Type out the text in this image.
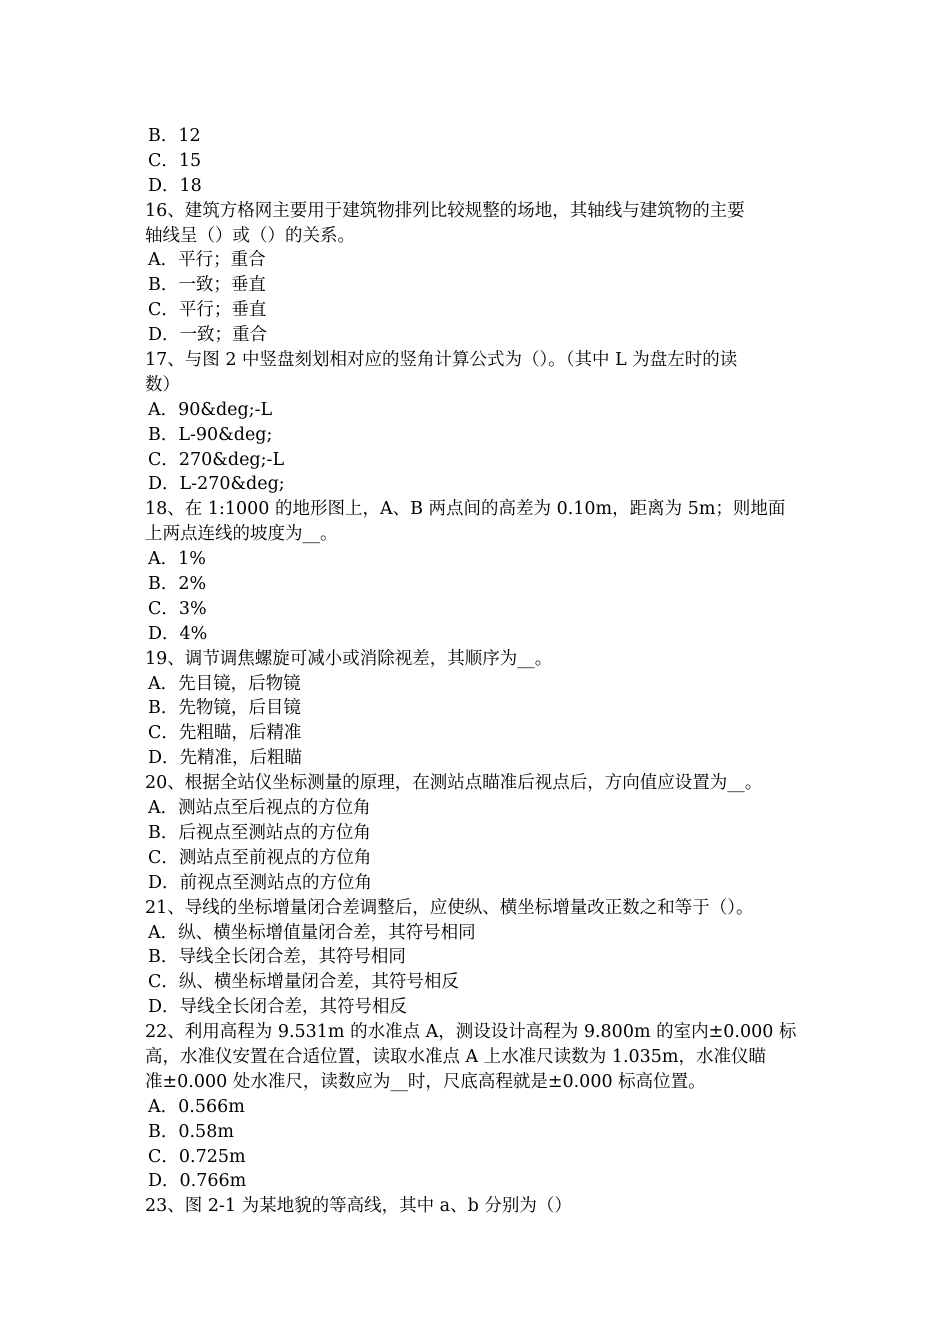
B．12
C．15
D．18
16、建筑方格网主要用于建筑物排列比较规整的场地，其轴线与建筑物的主要
轴线呈（）或（）的关系。
A．平行；重合
B．一致；垂直
C．平行；垂直
D．一致；重合
17、与图 2 中竖盘刻划相对应的竖角计算公式为（）。（其中 L 为盘左时的读
数）
A．90&deg;-L
B．L-90&deg;
C．270&deg;-L
D．L-270&deg;
18、在 1:1000 的地形图上，A、B 两点间的高差为 0.10m，距离为 5m；则地面
上两点连线的坡度为__。
A．1%
B．2%
C．3%
D．4%
19、调节调焦螺旋可减小或消除视差，其顺序为__。
A．先目镜，后物镜
B．先物镜，后目镜
C．先粗瞄，后精准
D．先精准，后粗瞄
20、根据全站仪坐标测量的原理，在测站点瞄准后视点后，方向值应设置为__。
A．测站点至后视点的方位角
B．后视点至测站点的方位角
C．测站点至前视点的方位角
D．前视点至测站点的方位角
21、导线的坐标增量闭合差调整后，应使纵、横坐标增量改正数之和等于（）。
A．纵、横坐标增值量闭合差，其符号相同
B．导线全长闭合差，其符号相同
C．纵、横坐标增量闭合差，其符号相反
D．导线全长闭合差，其符号相反
22、利用高程为 9.531m 的水准点 A，测设设计高程为 9.800m 的室内±0.000 标
高，水准仪安置在合适位置，读取水准点 A 上水准尺读数为 1.035m，水准仪瞄
准±0.000 处水准尺，读数应为__时，尺底高程就是±0.000 标高位置。
A．0.566m
B．0.58m
C．0.725m
D．0.766m
23、图 2-1 为某地貌的等高线，其中 a、b 分别为（）
